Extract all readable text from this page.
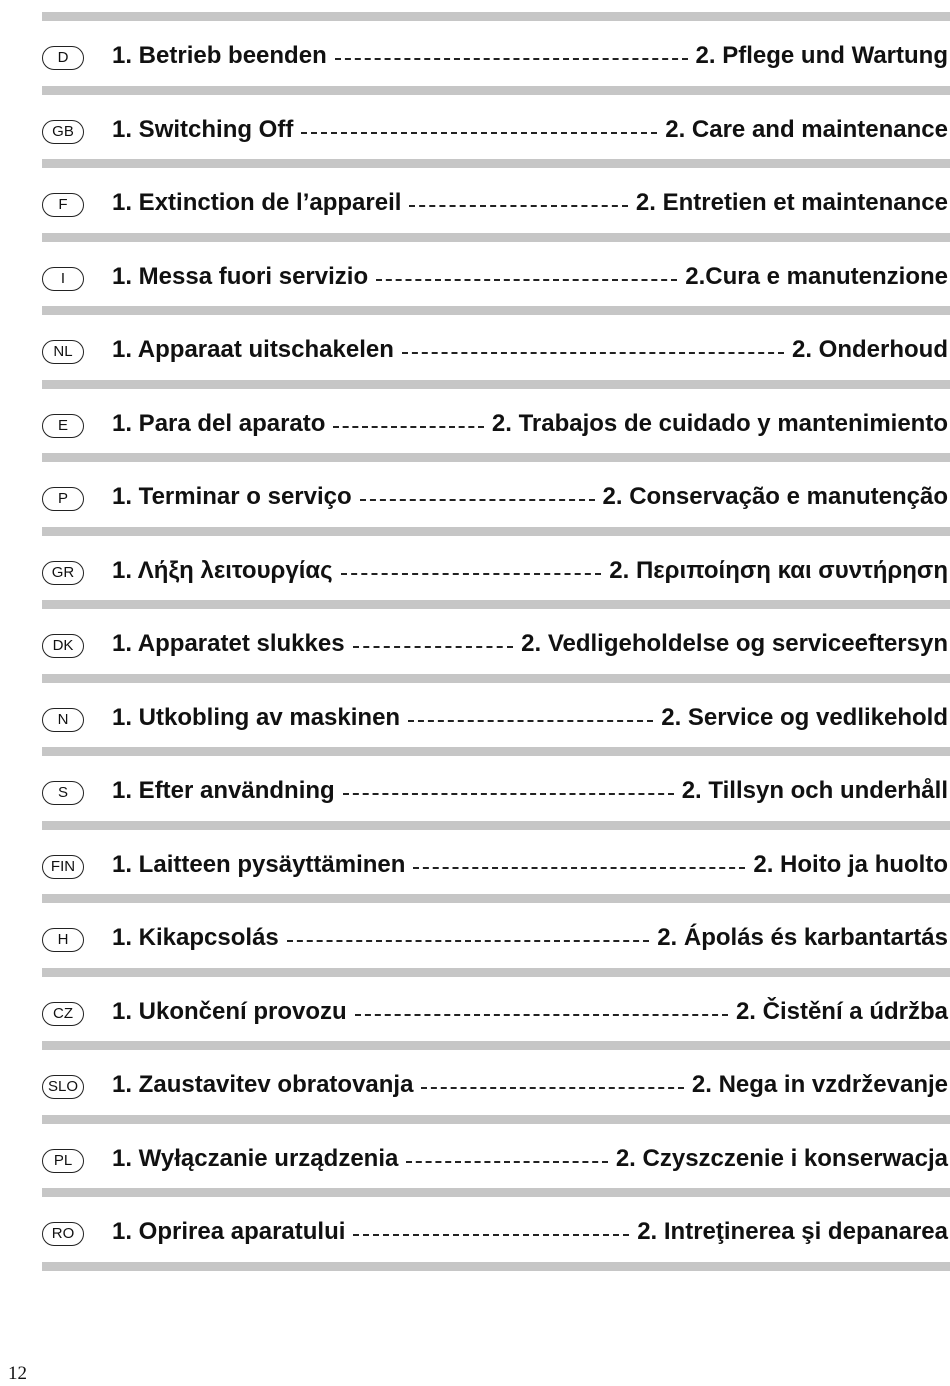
D	1. Betrieb beenden	2. Pflege und Wartung
GB	1. Switching Off	2. Care and maintenance
F	1. Extinction de l’appareil	2. Entretien et maintenance
I	1. Messa fuori servizio	2.Cura e manutenzione
NL	1. Apparaat uitschakelen	2. Onderhoud
E	1. Para del aparato	2. Trabajos de cuidado y mantenimiento
P	1. Terminar o serviço	2. Conservação e manutenção
GR	1. Λήξη λειτουργίας	2. Περιποίηση και συντήρηση
DK	1. Apparatet slukkes	2. Vedligeholdelse og serviceeftersyn
N	1. Utkobling av maskinen	2. Service og vedlikehold
S	1. Efter användning	2. Tillsyn och underhåll
FIN	1. Laitteen pysäyttäminen	2. Hoito ja huolto
H	1. Kikapcsolás	2. Ápolás és karbantartás
CZ	1. Ukončení provozu	2. Čistění a údržba
SLO 1. Zaustavitev obratovanja	2. Nega in vzdrževanje
PL	1. Wyłączanie urządzenia	2. Czyszczenie i konserwacja
RO	1. Oprirea aparatului	2. Intreţinerea şi depanarea
12
